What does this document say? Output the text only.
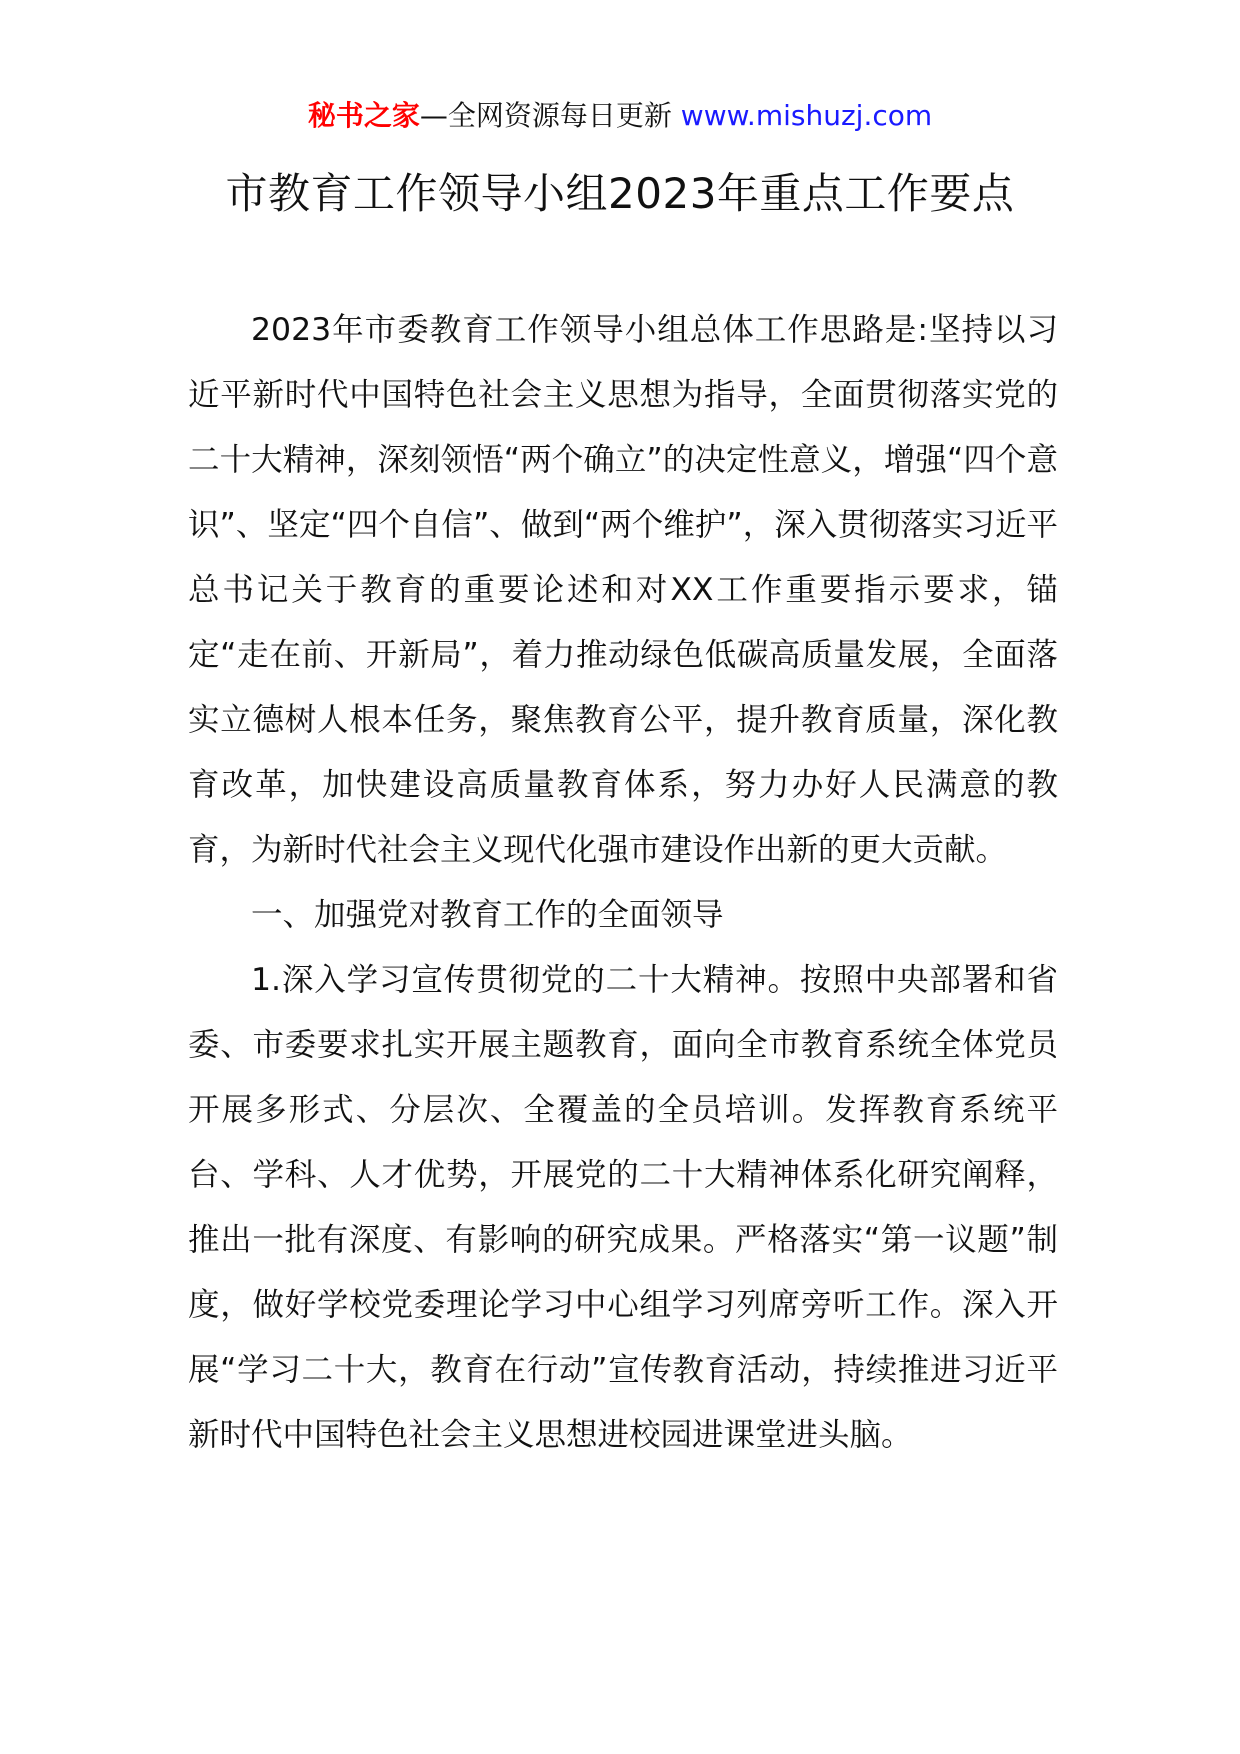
秘书之家—全网资源每日更新 www.mishuzj.com
市教育工作领导小组2023年重点工作要点

2023年市委教育工作领导小组总体工作思路是:坚持以习近平新时代中国特色社会主义思想为指导，全面贯彻落实党的二十大精神，深刻领悟“两个确立”的决定性意义，增强“四个意识”、坚定“四个自信”、做到“两个维护”，深入贯彻落实习近平总书记关于教育的重要论述和对XX工作重要指示要求，锚定“走在前、开新局”，着力推动绿色低碳高质量发展，全面落实立德树人根本任务，聚焦教育公平，提升教育质量，深化教育改革，加快建设高质量教育体系，努力办好人民满意的教育，为新时代社会主义现代化强市建设作出新的更大贡献。

一、加强党对教育工作的全面领导

1.深入学习宣传贯彻党的二十大精神。按照中央部署和省委、市委要求扎实开展主题教育，面向全市教育系统全体党员开展多形式、分层次、全覆盖的全员培训。发挥教育系统平台、学科、人才优势，开展党的二十大精神体系化研究阐释，推出一批有深度、有影响的研究成果。严格落实“第一议题”制度，做好学校党委理论学习中心组学习列席旁听工作。深入开展“学习二十大，教育在行动”宣传教育活动，持续推进习近平新时代中国特色社会主义思想进校园进课堂进头脑。
